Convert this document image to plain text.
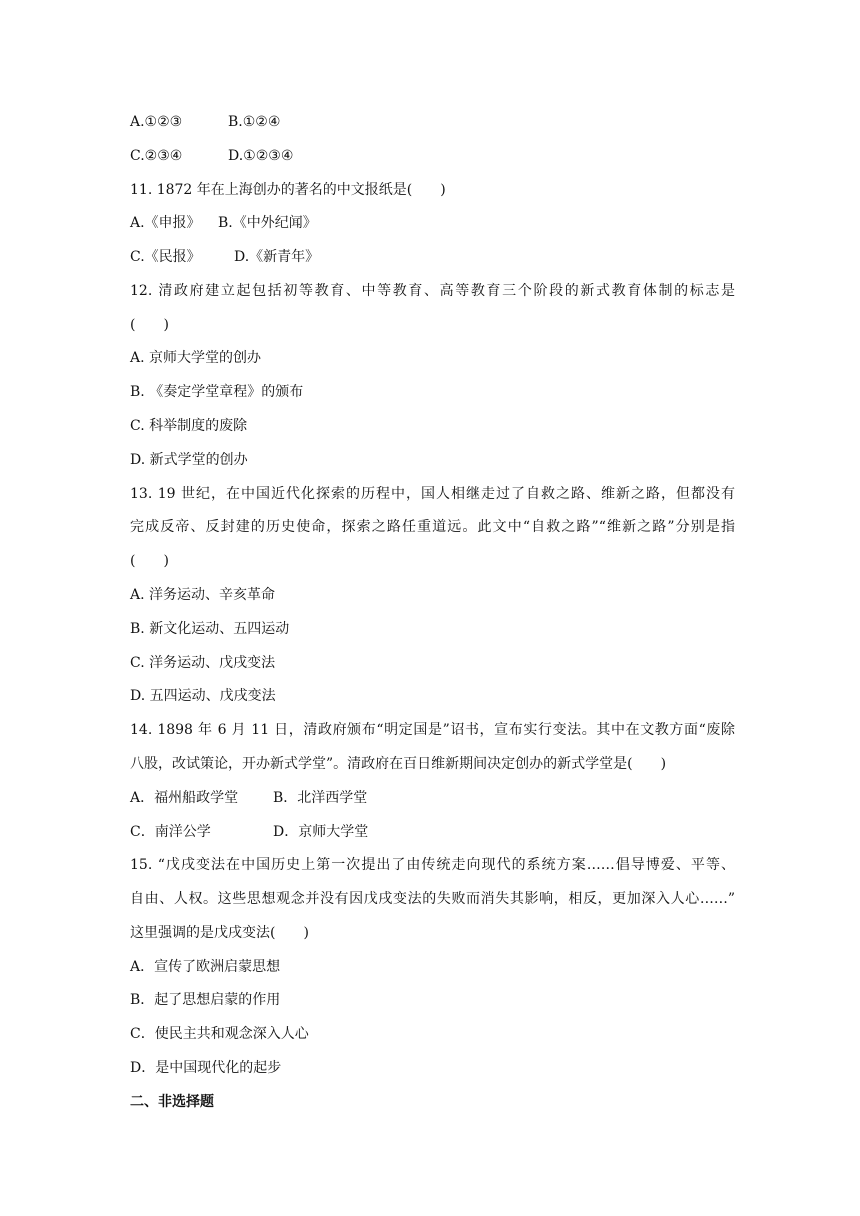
A.①②③	B.①②④
C.②③④	D.①②③④
11. 1872 年在上海创办的著名的中文报纸是(　　)
A.《申报》 B.《中外纪闻》
C.《民报》 D.《新青年》
12. 清政府建立起包括初等教育、中等教育、高等教育三个阶段的新式教育体制的标志是
(　　)
A. 京师大学堂的创办
B. 《奏定学堂章程》的颁布
C. 科举制度的废除
D. 新式学堂的创办
13. 19 世纪，在中国近代化探索的历程中，国人相继走过了自救之路、维新之路，但都没有
完成反帝、反封建的历史使命，探索之路任重道远。此文中“自救之路”“维新之路”分别是指
(　　)
A. 洋务运动、辛亥革命
B. 新文化运动、五四运动
C. 洋务运动、戊戌变法
D. 五四运动、戊戌变法
14. 1898 年 6 月 11 日，清政府颁布“明定国是”诏书，宣布实行变法。其中在文教方面“废除
八股，改试策论，开办新式学堂”。清政府在百日维新期间决定创办的新式学堂是(　　)
A．福州船政学堂 B．北洋西学堂
C．南洋公学	D．京师大学堂
15. “戊戌变法在中国历史上第一次提出了由传统走向现代的系统方案……倡导博爱、平等、
自由、人权。这些思想观念并没有因戊戌变法的失败而消失其影响，相反，更加深入人心……”
这里强调的是戊戌变法(　　)
A．宣传了欧洲启蒙思想
B．起了思想启蒙的作用
C．使民主共和观念深入人心
D．是中国现代化的起步
二、非选择题
